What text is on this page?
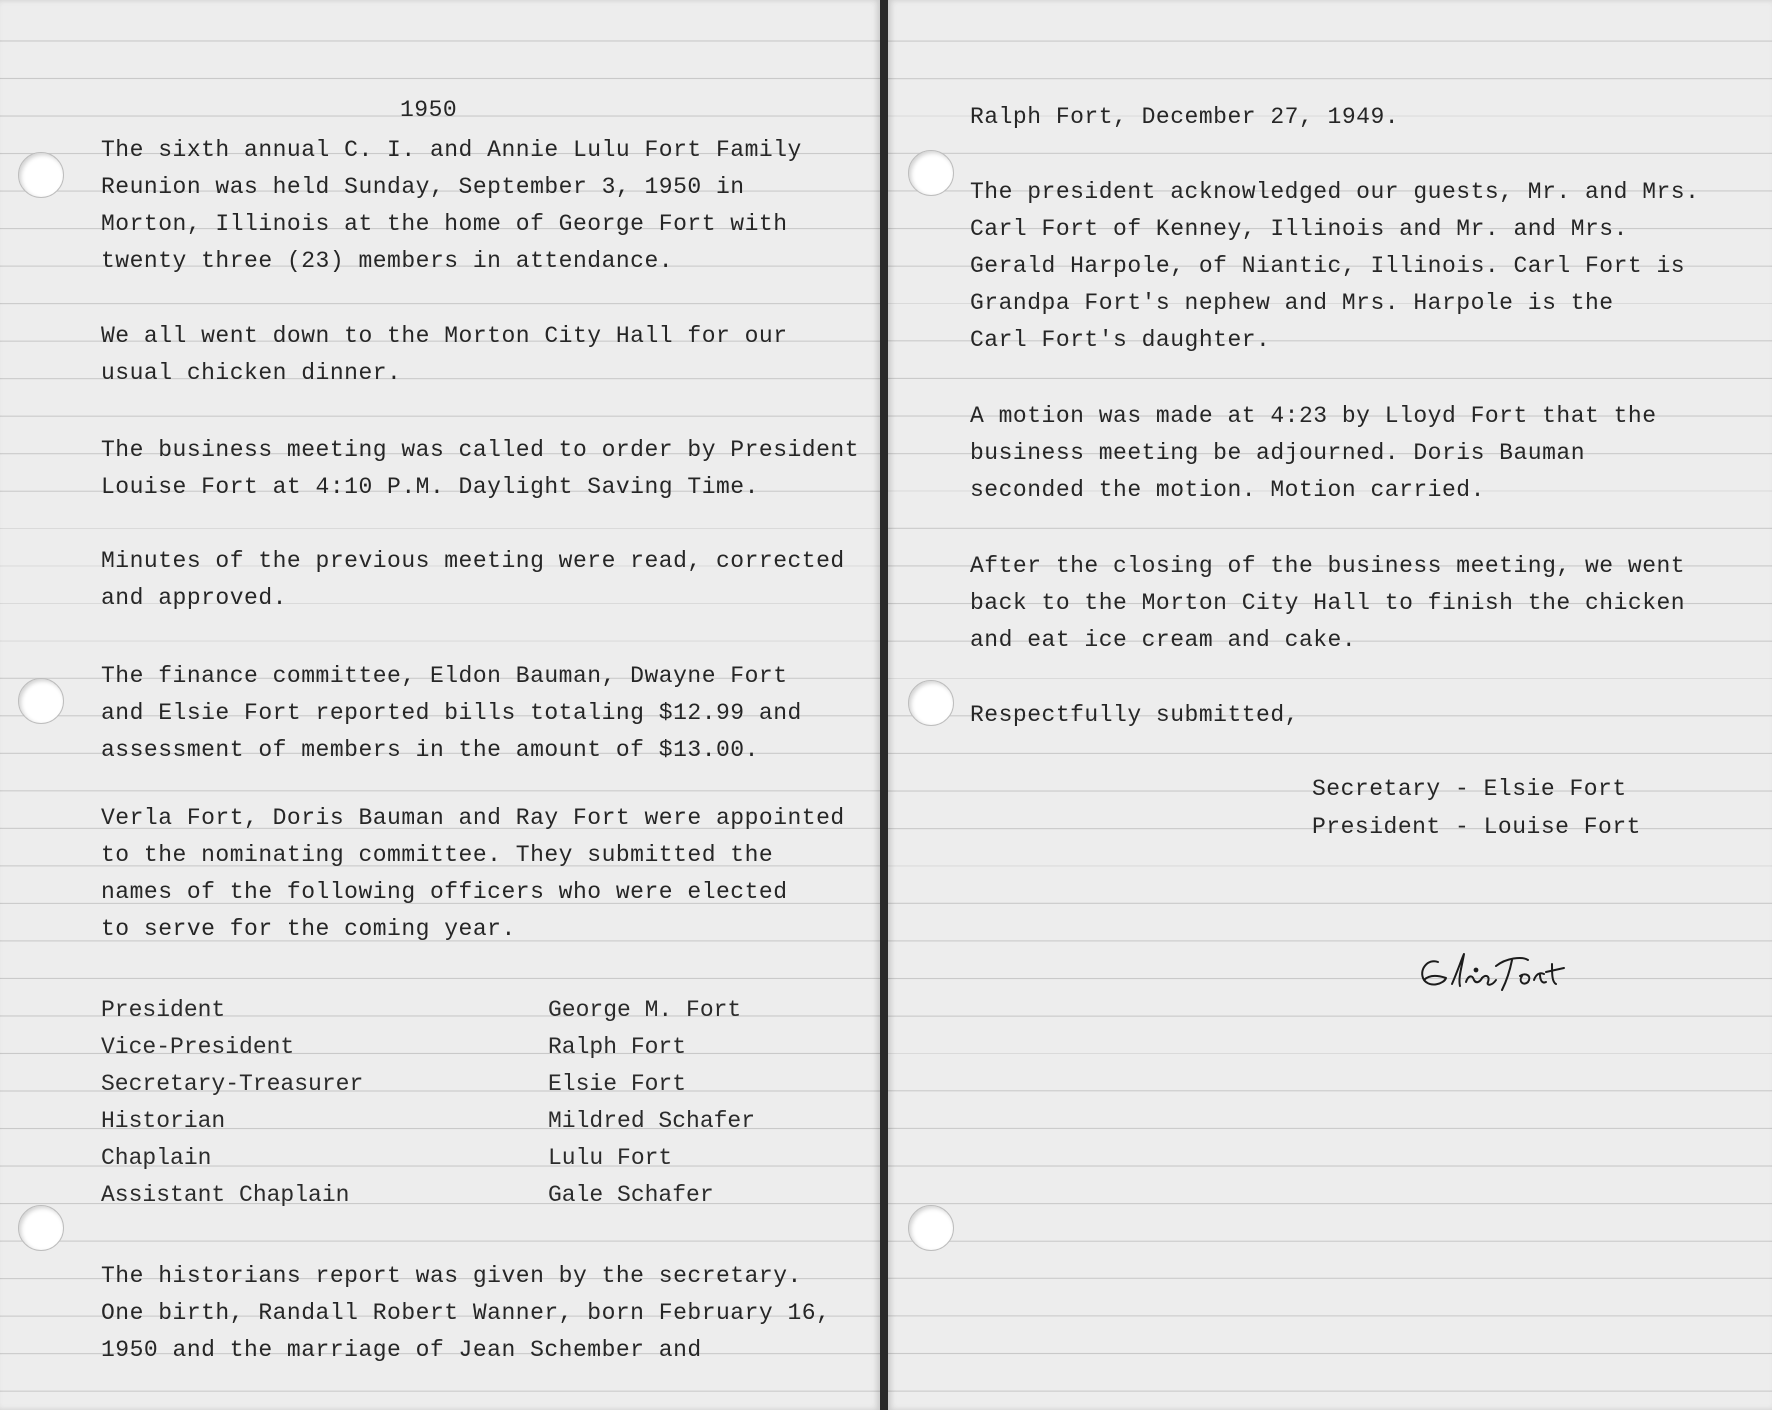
1950

The sixth annual C. I. and Annie Lulu Fort Family
Reunion was held Sunday, September 3, 1950 in
Morton, Illinois at the home of George Fort with
twenty three (23) members in attendance.

We all went down to the Morton City Hall for our
usual chicken dinner.

The business meeting was called to order by President
Louise Fort at 4:10 P.M. Daylight Saving Time.

Minutes of the previous meeting were read, corrected
and approved.

The finance committee, Eldon Bauman, Dwayne Fort
and Elsie Fort reported bills totaling $12.99 and
assessment of members in the amount of $13.00.

Verla Fort, Doris Bauman and Ray Fort were appointed
to the nominating committee. They submitted the
names of the following officers who were elected
to serve for the coming year.

President	George M. Fort
Vice-President	Ralph Fort
Secretary-Treasurer	Elsie Fort
Historian	Mildred Schafer
Chaplain	Lulu Fort
Assistant Chaplain	Gale Schafer

The historians report was given by the secretary.
One birth, Randall Robert Wanner, born February 16,
1950 and the marriage of Jean Schember and

Ralph Fort, December 27, 1949.

The president acknowledged our guests, Mr. and Mrs.
Carl Fort of Kenney, Illinois and Mr. and Mrs.
Gerald Harpole, of Niantic, Illinois. Carl Fort is
Grandpa Fort's nephew and Mrs. Harpole is the
Carl Fort's daughter.

A motion was made at 4:23 by Lloyd Fort that the
business meeting be adjourned. Doris Bauman
seconded the motion. Motion carried.

After the closing of the business meeting, we went
back to the Morton City Hall to finish the chicken
and eat ice cream and cake.

Respectfully submitted,

Secretary - Elsie Fort
President - Louise Fort
